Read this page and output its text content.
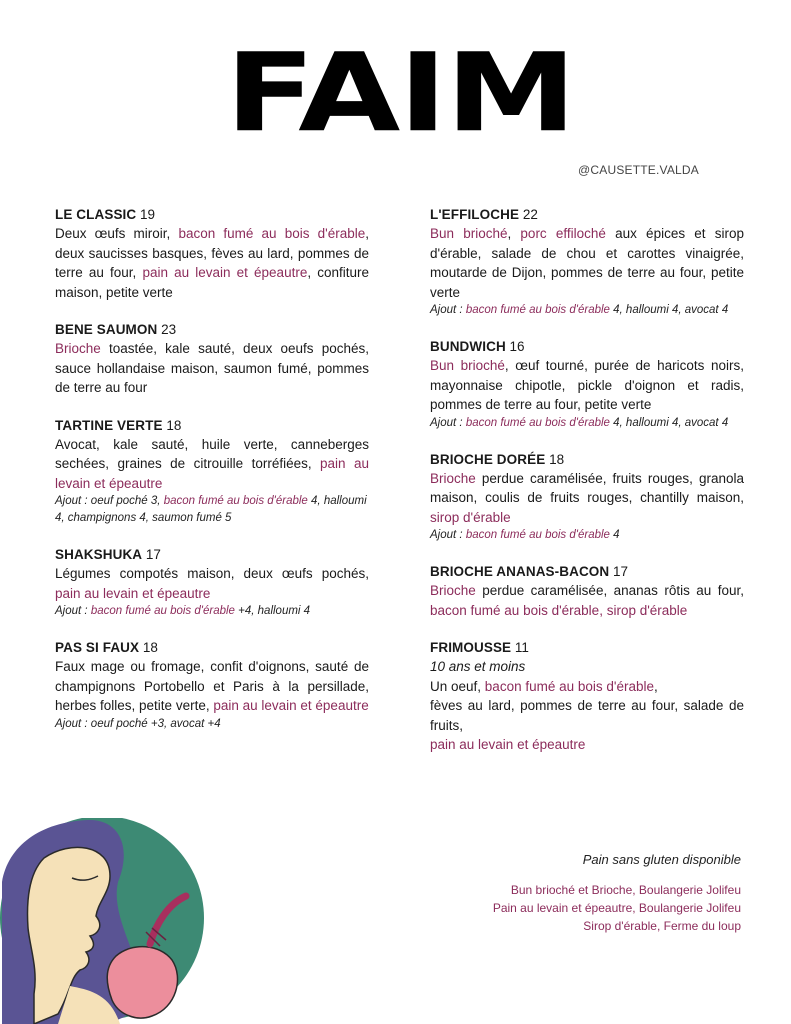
FAIM
@CAUSETTE.VALDA
LE CLASSIC 19
Deux œufs miroir, bacon fumé au bois d'érable, deux saucisses basques, fèves au lard, pommes de terre au four, pain au levain et épeautre, confiture maison, petite verte
BENE SAUMON 23
Brioche toastée, kale sauté, deux oeufs pochés, sauce hollandaise maison, saumon fumé, pommes de terre au four
TARTINE VERTE 18
Avocat, kale sauté, huile verte, canneberges sechées, graines de citrouille torréfiées, pain au levain et épeautre
Ajout : oeuf poché 3, bacon fumé au bois d'érable 4, halloumi 4, champignons 4, saumon fumé 5
SHAKSHUKA 17
Légumes compotés maison, deux œufs pochés, pain au levain et épeautre
Ajout : bacon fumé au bois d'érable +4, halloumi 4
PAS SI FAUX 18
Faux mage ou fromage, confit d'oignons, sauté de champignons Portobello et Paris à la persillade, herbes folles, petite verte, pain au levain et épeautre
Ajout : oeuf poché +3, avocat +4
L'EFFILOCHE 22
Bun brioché, porc effiloché aux épices et sirop d'érable, salade de chou et carottes vinaigrée, moutarde de Dijon, pommes de terre au four, petite verte
Ajout : bacon fumé au bois d'érable 4, halloumi 4, avocat 4
BUNDWICH 16
Bun brioché, œuf tourné, purée de haricots noirs, mayonnaise chipotle, pickle d'oignon et radis, pommes de terre au four, petite verte
Ajout : bacon fumé au bois d'érable 4, halloumi 4, avocat 4
BRIOCHE DORÉE 18
Brioche perdue caramélisée, fruits rouges, granola maison, coulis de fruits rouges, chantilly maison, sirop d'érable
Ajout : bacon fumé au bois d'érable 4
BRIOCHE ANANAS-BACON 17
Brioche perdue caramélisée, ananas rôtis au four, bacon fumé au bois d'érable, sirop d'érable
FRIMOUSSE 11
10 ans et moins
Un oeuf, bacon fumé au bois d'érable,
fèves au lard, pommes de terre au four, salade de fruits,
pain au levain et épeautre
Pain sans gluten disponible
Bun brioché et Brioche, Boulangerie Jolifeu
Pain au levain et épeautre, Boulangerie Jolifeu
Sirop d'érable, Ferme du loup
